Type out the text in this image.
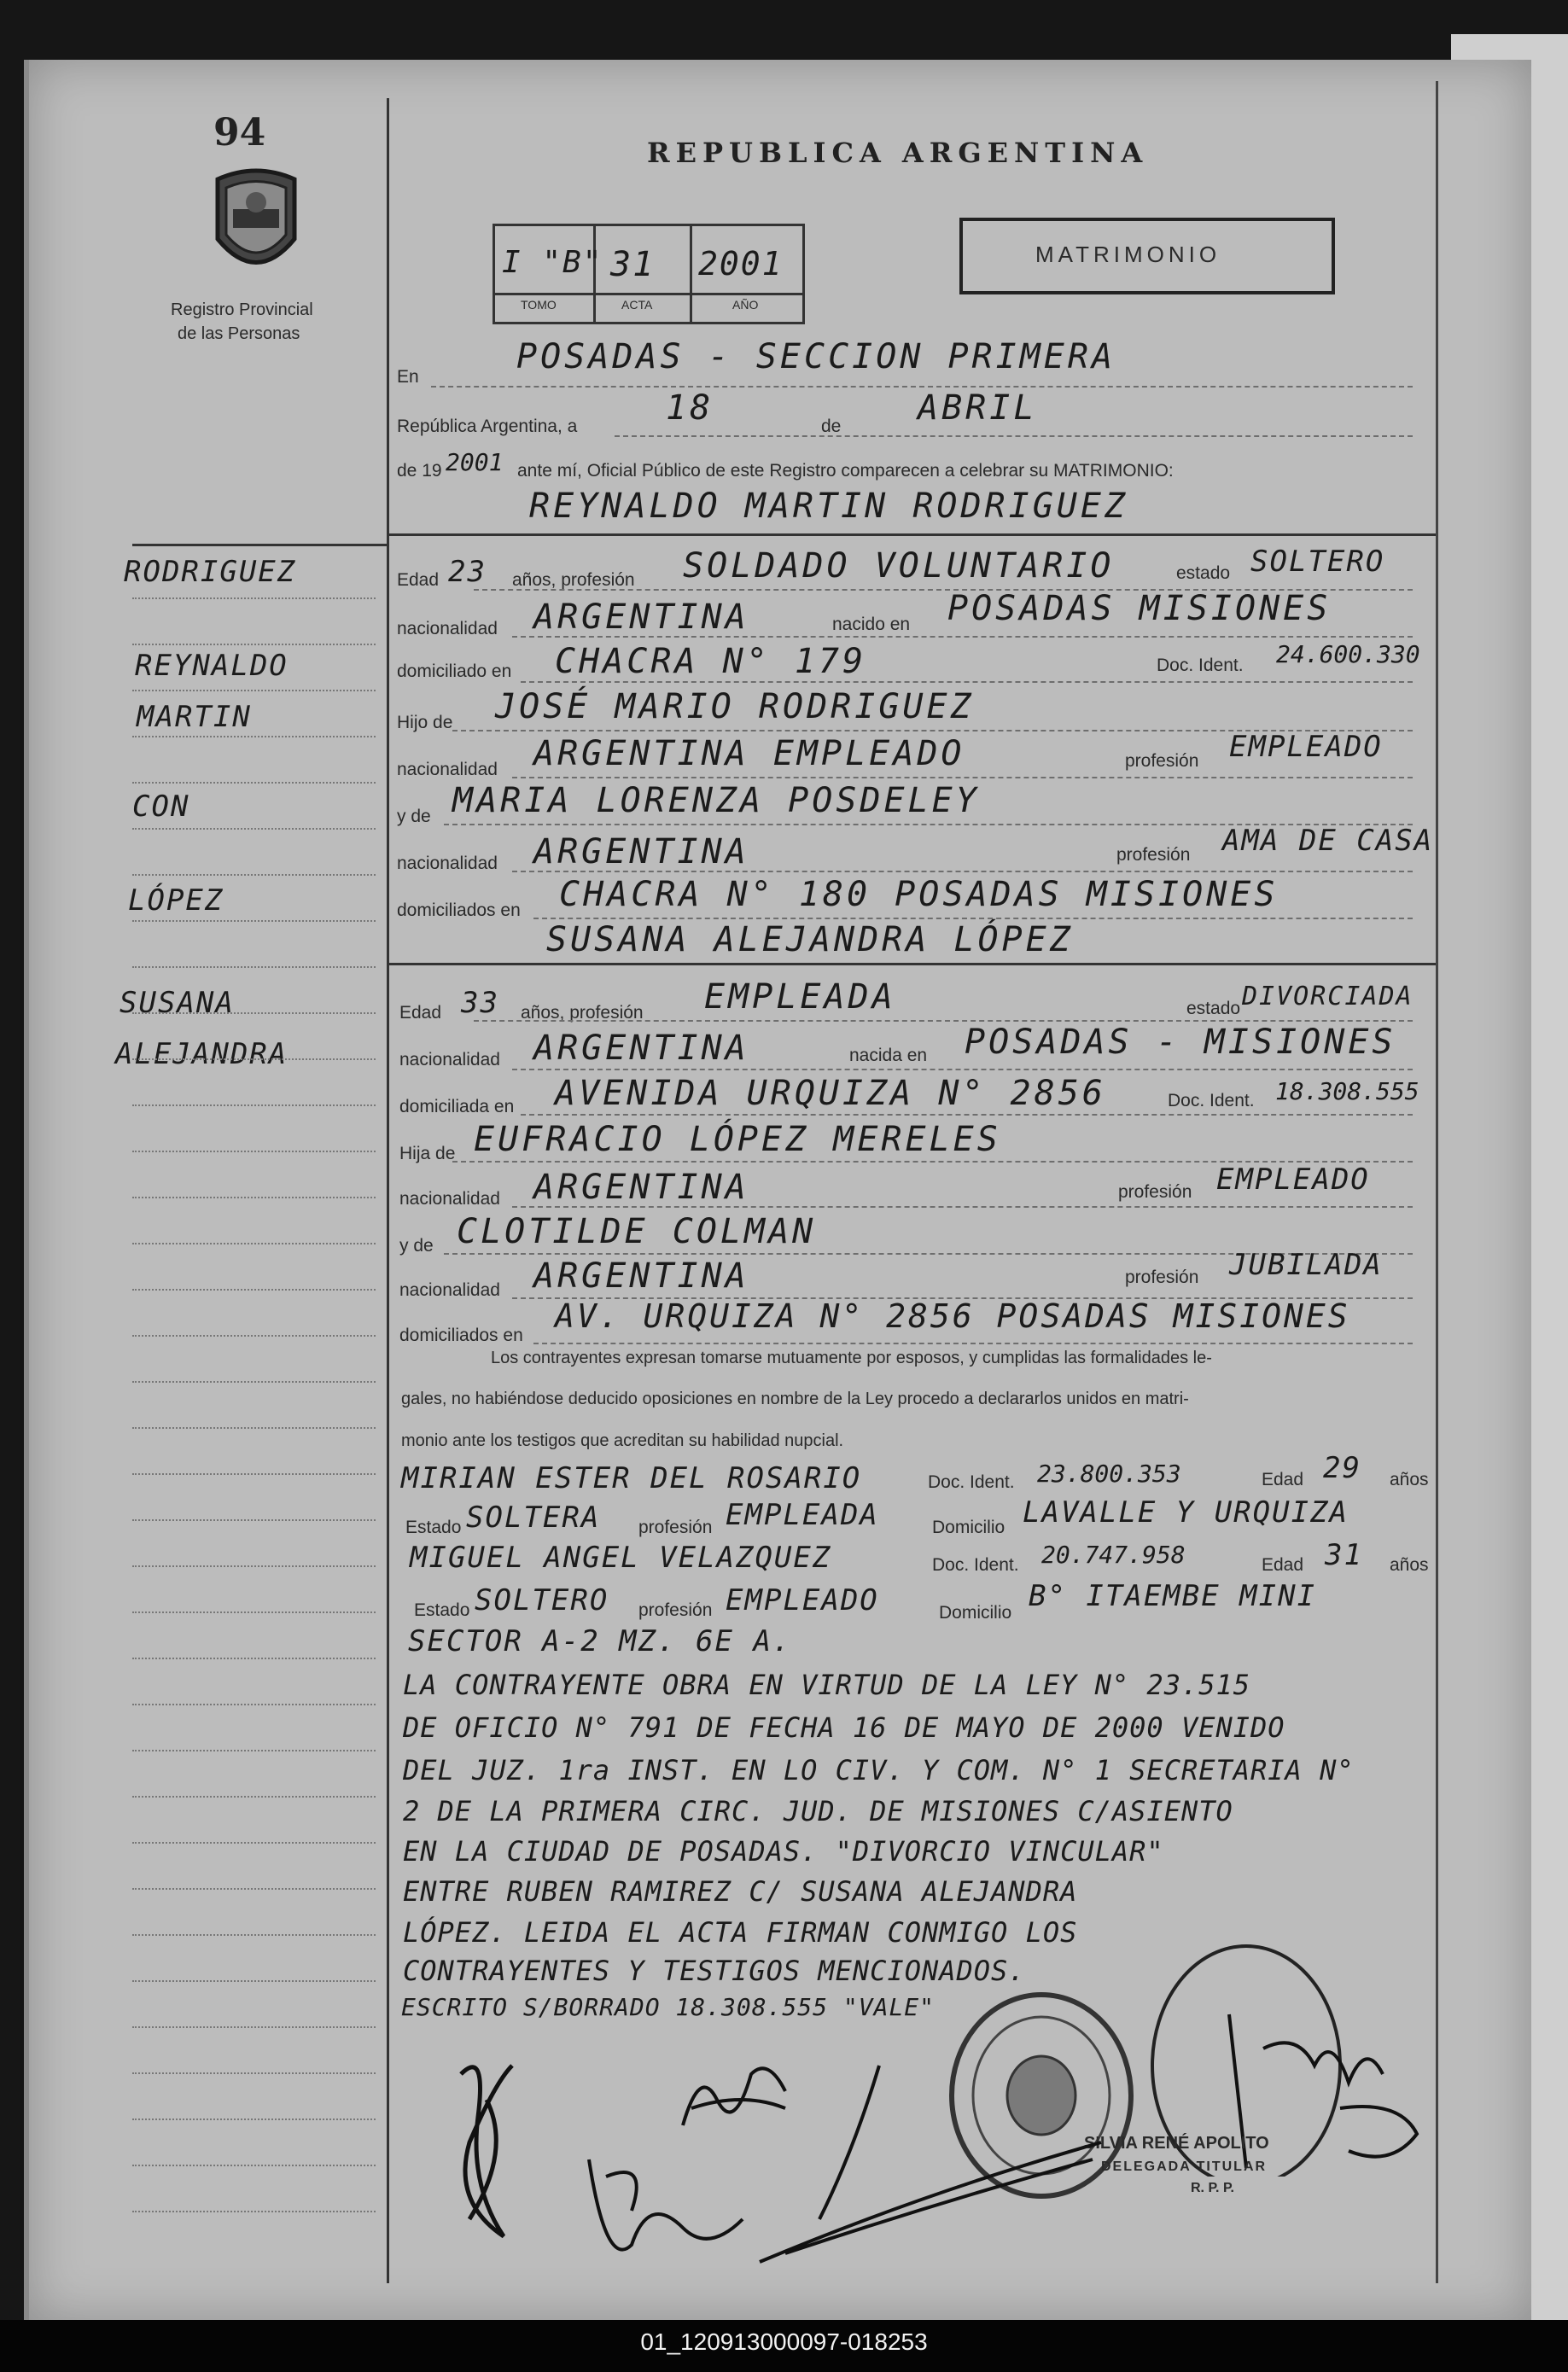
94
Registro Provincial
de las Personas
REPUBLICA ARGENTINA
I "B" 31 2001
TOMO	ACTA	AÑO
MATRIMONIO
RODRIGUEZ
REYNALDO
MARTIN
CON
LÓPEZ
SUSANA
ALEJANDRA
En
POSADAS - SECCION PRIMERA
República Argentina, a	18	de ABRIL
de 19 2001 ante mí, Oficial Público de este Registro comparecen a celebrar su MATRIMONIO:
REYNALDO MARTIN RODRIGUEZ
Edad 23 años, profesión SOLDADO VOLUNTARIO	estado SOLTERO
nacionalidad ARGENTINA	nacido en POSADAS MISIONES
domiciliado en CHACRA N° 179	Doc. Ident. 24.600.330
Hijo de JOSÉ MARIO RODRIGUEZ
nacionalidad ARGENTINA EMPLEADO	profesión EMPLEADO
y de MARIA LORENZA POSDELEY
nacionalidad ARGENTINA	profesión AMA DE CASA
domiciliados en CHACRA N° 180 POSADAS MISIONES
SUSANA ALEJANDRA LÓPEZ
Edad 33 años, profesión EMPLEADA	estado DIVORCIADA
nacionalidad ARGENTINA	nacida en POSADAS - MISIONES
domiciliada en AVENIDA URQUIZA N° 2856	Doc. Ident. 18.308.555
Hija de EUFRACIO LÓPEZ MERELES
nacionalidad ARGENTINA	profesión EMPLEADO
y de CLOTILDE COLMAN
nacionalidad ARGENTINA	profesión JUBILADA
domiciliados en
AV. URQUIZA N° 2856 POSADAS MISIONES
Los contrayentes expresan tomarse mutuamente por esposos, y cumplidas las formalidades le-
gales, no habiéndose deducido oposiciones en nombre de la Ley procedo a declararlos unidos en matri-
monio ante los testigos que acreditan su habilidad nupcial.
MIRIAN ESTER DEL ROSARIO	Doc. Ident. 23.800.353	Edad 29 años
Estado SOLTERA profesión EMPLEADA	Domicilio LAVALLE Y URQUIZA
MIGUEL ANGEL VELAZQUEZ	Doc. Ident. 20.747.958	Edad 31 años
Estado SOLTERO profesión EMPLEADO	Domicilio B° ITAEMBE MINI
SECTOR A-2 MZ. 6E A.
LA CONTRAYENTE OBRA EN VIRTUD DE LA LEY N° 23.515
DE OFICIO N° 791 DE FECHA 16 DE MAYO DE 2000 VENIDO
DEL JUZ. 1ra INST. EN LO CIV. Y COM. N° 1 SECRETARIA N°
2 DE LA PRIMERA CIRC. JUD. DE MISIONES C/ASIENTO
EN LA CIUDAD DE POSADAS. "DIVORCIO VINCULAR"
ENTRE RUBEN RAMIREZ C/ SUSANA ALEJANDRA
LÓPEZ. LEIDA EL ACTA FIRMAN CONMIGO LOS
CONTRAYENTES Y TESTIGOS MENCIONADOS.
ESCRITO S/BORRADO 18.308.555 "VALE"
SILVIA RENÉ APOLITO
DELEGADA TITULAR
R. P. P.
01_120913000097-018253
